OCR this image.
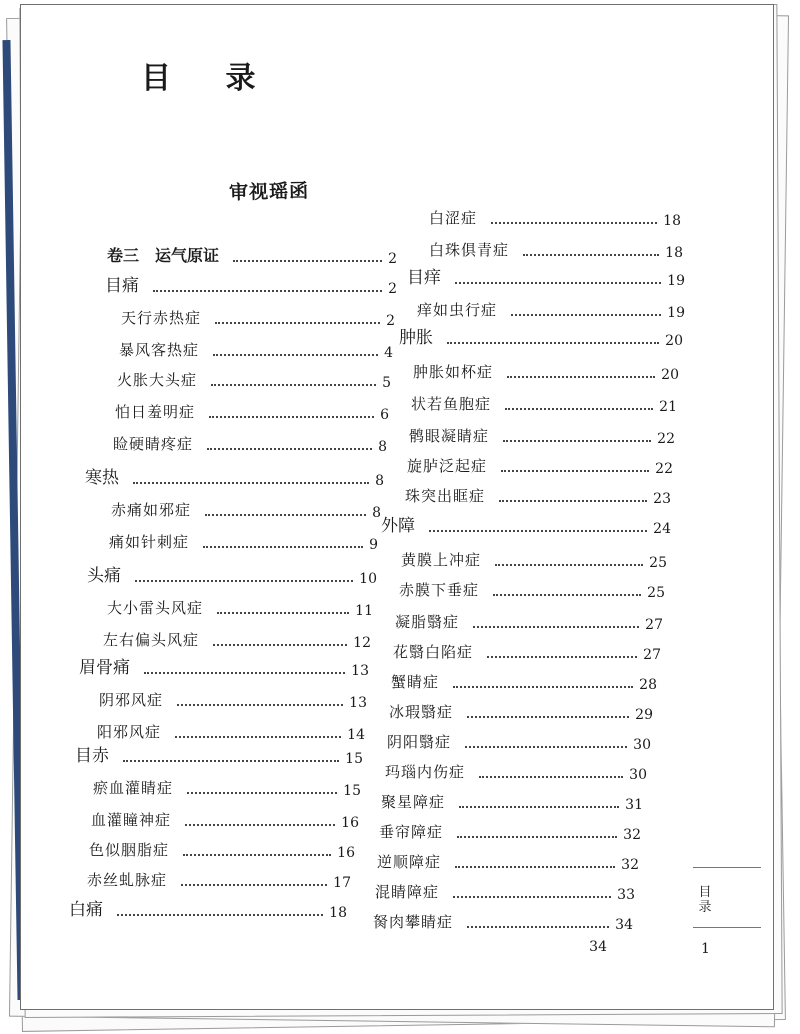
目 录
审视瑶函
卷三　运气原证	2
目痛	2
天行赤热症	2
暴风客热症	4
火胀大头症	5
怕日羞明症	6
睑硬睛疼症	8
寒热	8
赤痛如邪症	8
痛如针刺症	9
头痛	10
大小雷头风症	11
左右偏头风症	12
眉骨痛	13
阴邪风症	13
阳邪风症	14
目赤	15
瘀血灌睛症	15
血灌瞳神症	16
色似胭脂症	16
赤丝虬脉症	17
白痛	18
白涩症	18
白珠俱青症	18
目痒	19
痒如虫行症	19
肿胀	20
肿胀如杯症	20
状若鱼胞症	21
鹘眼凝睛症	22
旋胪泛起症	22
珠突出眶症	23
外障	24
黄膜上冲症	25
赤膜下垂症	25
凝脂翳症	27
花翳白陷症	27
蟹睛症	28
冰瑕翳症	29
阴阳翳症	30
玛瑙内伤症	30
聚星障症	31
垂帘障症	32
逆顺障症	32
混睛障症	33
胬肉攀睛症	34
34
目录
1
